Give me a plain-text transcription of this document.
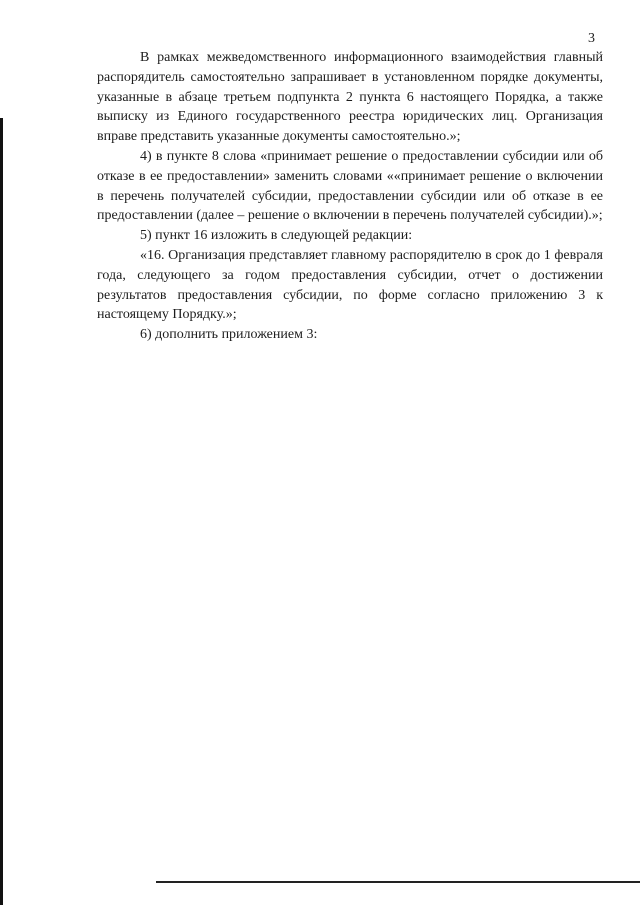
3

В рамках межведомственного информационного взаимодействия главный распорядитель самостоятельно запрашивает в установленном порядке документы, указанные в абзаце третьем подпункта 2 пункта 6 настоящего Порядка, а также выписку из Единого государственного реестра юридических лиц. Организация вправе представить указанные документы самостоятельно.»;

4) в пункте 8 слова «принимает решение о предоставлении субсидии или об отказе в ее предоставлении» заменить словами ««принимает решение о включении в перечень получателей субсидии, предоставлении субсидии или об отказе в ее предоставлении (далее – решение о включении в перечень получателей субсидии).»;

5) пункт 16 изложить в следующей редакции:

«16. Организация представляет главному распорядителю в срок до 1 февраля года, следующего за годом предоставления субсидии, отчет о достижении результатов предоставления субсидии, по форме согласно приложению 3 к настоящему Порядку.»;

6) дополнить приложением 3:
